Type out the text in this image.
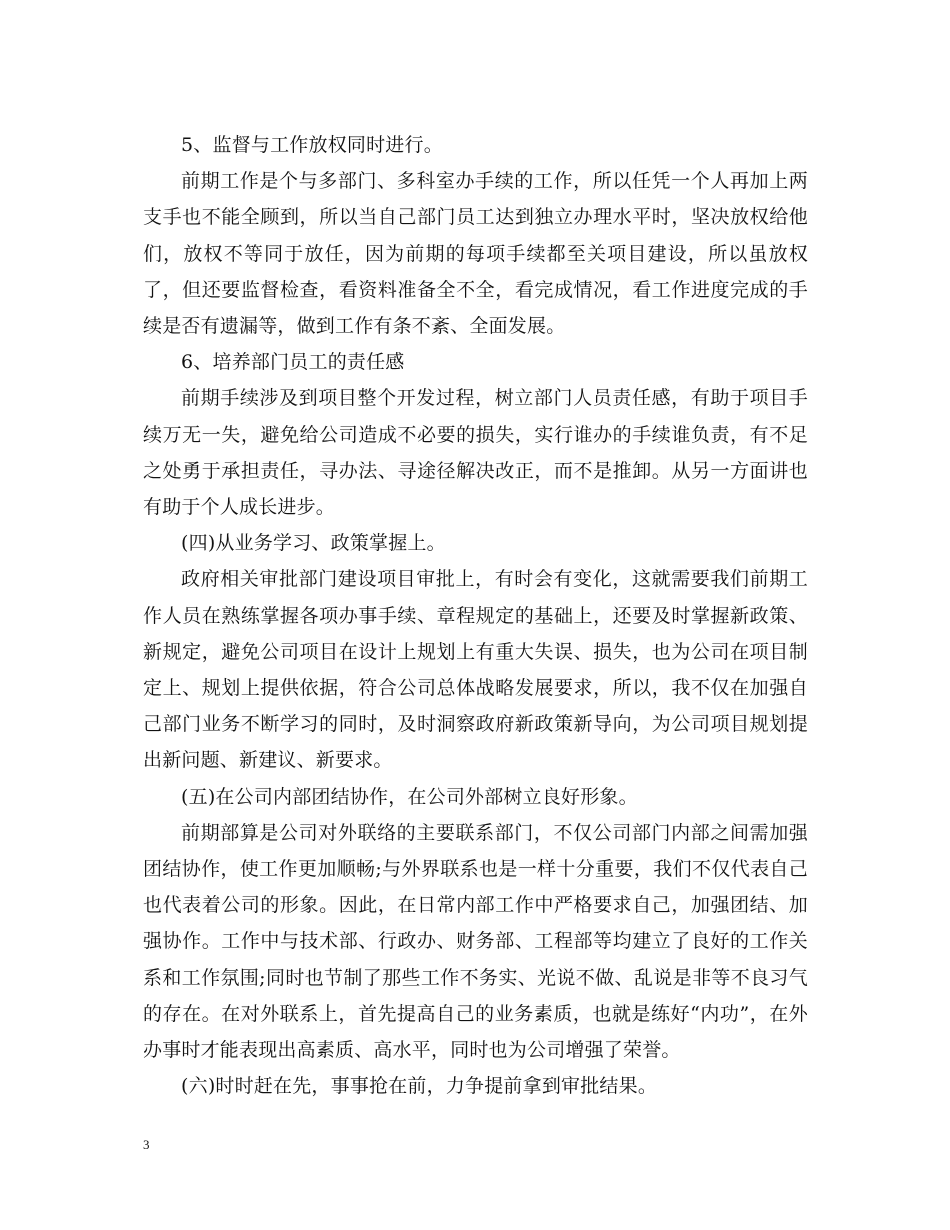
5、监督与工作放权同时进行。

前期工作是个与多部门、多科室办手续的工作，所以任凭一个人再加上两支手也不能全顾到，所以当自己部门员工达到独立办理水平时，坚决放权给他们，放权不等同于放任，因为前期的每项手续都至关项目建设，所以虽放权了，但还要监督检查，看资料准备全不全，看完成情况，看工作进度完成的手续是否有遗漏等，做到工作有条不紊、全面发展。

6、培养部门员工的责任感

前期手续涉及到项目整个开发过程，树立部门人员责任感，有助于项目手续万无一失，避免给公司造成不必要的损失，实行谁办的手续谁负责，有不足之处勇于承担责任，寻办法、寻途径解决改正，而不是推卸。从另一方面讲也有助于个人成长进步。

(四)从业务学习、政策掌握上。

政府相关审批部门建设项目审批上，有时会有变化，这就需要我们前期工作人员在熟练掌握各项办事手续、章程规定的基础上，还要及时掌握新政策、新规定，避免公司项目在设计上规划上有重大失误、损失，也为公司在项目制定上、规划上提供依据，符合公司总体战略发展要求，所以，我不仅在加强自己部门业务不断学习的同时，及时洞察政府新政策新导向，为公司项目规划提出新问题、新建议、新要求。

(五)在公司内部团结协作，在公司外部树立良好形象。

前期部算是公司对外联络的主要联系部门，不仅公司部门内部之间需加强团结协作，使工作更加顺畅;与外界联系也是一样十分重要，我们不仅代表自己也代表着公司的形象。因此，在日常内部工作中严格要求自己，加强团结、加强协作。工作中与技术部、行政办、财务部、工程部等均建立了良好的工作关系和工作氛围;同时也节制了那些工作不务实、光说不做、乱说是非等不良习气的存在。在对外联系上，首先提高自己的业务素质，也就是练好“内功”，在外办事时才能表现出高素质、高水平，同时也为公司增强了荣誉。

(六)时时赶在先，事事抢在前，力争提前拿到审批结果。

3
